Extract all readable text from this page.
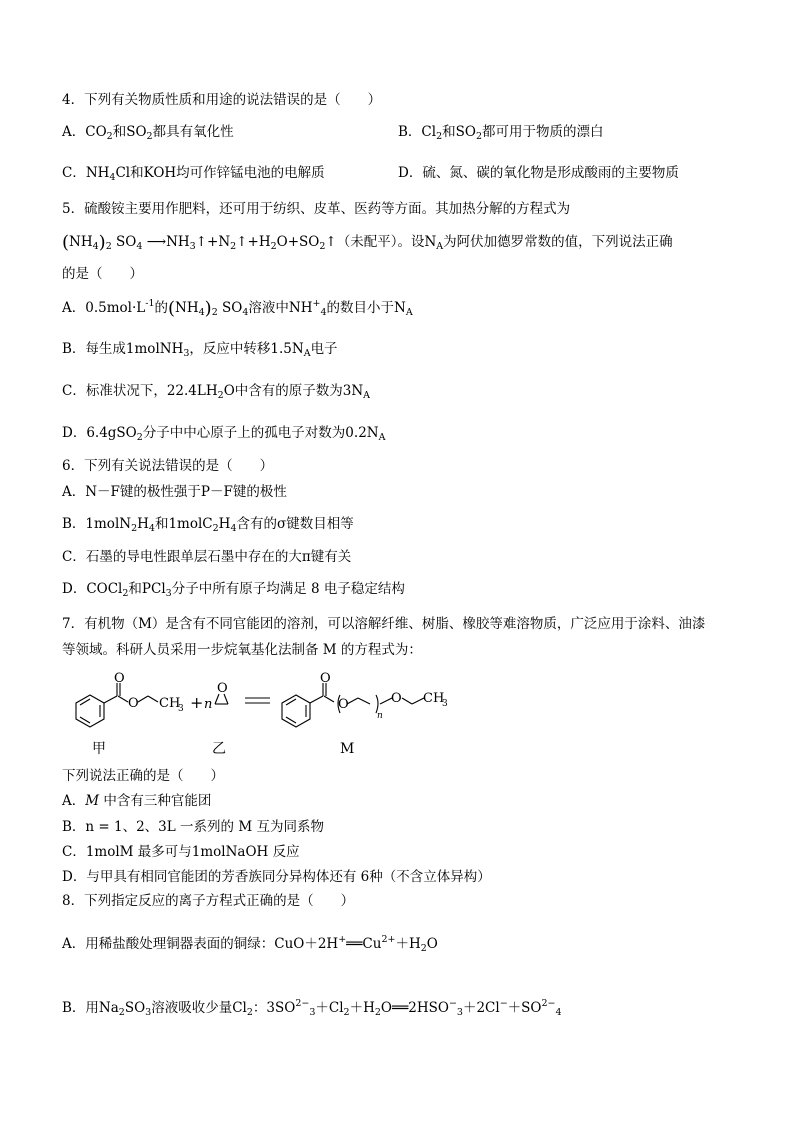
4．下列有关物质性质和用途的说法错误的是（　　）
A．$CO_2$和$SO_2$都具有氧化性	B．$Cl_2$和$SO_2$都可用于物质的漂白
C．$NH_4Cl$和KOH均可作锌锰电池的电解质	D．硫、氮、碳的氧化物是形成酸雨的主要物质
5．硫酸铵主要用作肥料，还可用于纺织、皮革、医药等方面。其加热分解的方程式为
$(NH_4)_2$ $SO_4$ $⟶NH_3↑+N_2↑+H_2O+SO_2↑$（未配平）。设$N_A$为阿伏加德罗常数的值，下列说法正确
的是（　　）
A．$0.5mol\cdot L^{-1}$的$(NH_4)_2$ $SO_4$溶液中$NH^+_4$的数目小于$N_A$
B．每生成1molNH$_3$，反应中转移$1.5N_A$电子
C．标准状况下，$22.4LH_2O$中含有的原子数为$3N_A$
D．6.4gSO$_2$分子中中心原子上的孤电子对数为$0.2N_A$
6．下列有关说法错误的是（　　）
A．N－F键的极性强于P－F键的极性
B．$1molN_2H_4$和$1molC_2H_4$含有的σ键数目相等
C．石墨的导电性跟单层石墨中存在的大π键有关
D．COCl$_2$和PCl$_3$分子中所有原子均满足 8 电子稳定结构
7．有机物（M）是含有不同官能团的溶剂，可以溶解纤维、树脂、橡胶等难溶物质，广泛应用于涂料、油漆
等领域。科研人员采用一步烷氧基化法制备 M 的方程式为：
O
O CH
3 + n
O
O
O
n
O CH
3
甲	乙	M
下列说法正确的是（　　）
A．M 中含有三种官能团
B．n = 1、2、3L 一系列的 M 互为同系物
C．1molM 最多可与1molNaOH 反应
D．与甲具有相同官能团的芳香族同分异构体还有 6种（不含立体异构）
8．下列指定反应的离子方程式正确的是（　　）
A．用稀盐酸处理铜器表面的铜绿：$CuO+2H^+══Cu^{2+}+H_2O$
B．用$Na_2SO_3$溶液吸收少量$Cl_2$：$3SO^{2-}_3+Cl_2+H_2O══2HSO^-_3+2Cl^-+SO^{2-}_4$
